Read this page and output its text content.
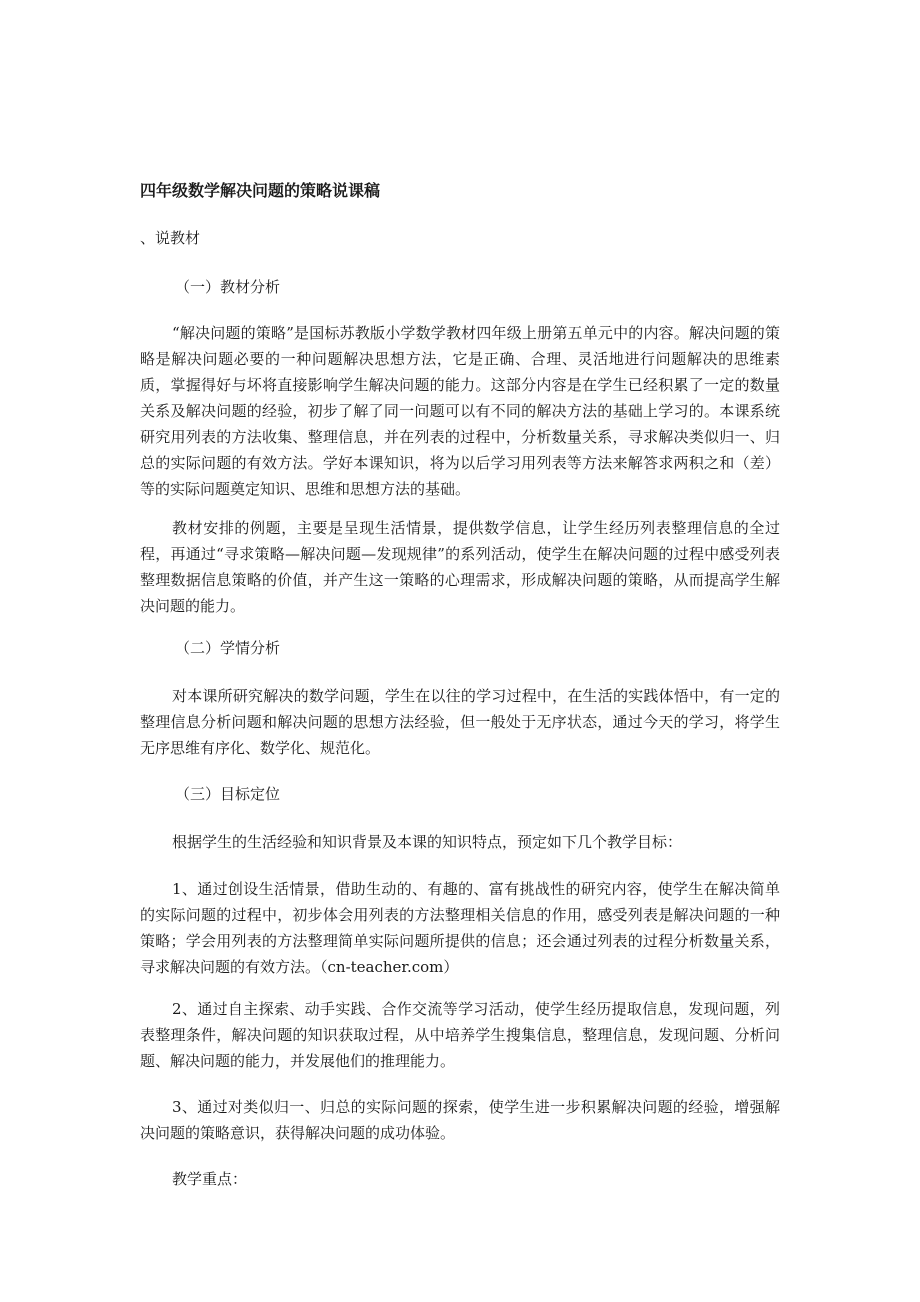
四年级数学解决问题的策略说课稿
、说教材
（一）教材分析
“解决问题的策略”是国标苏教版小学数学教材四年级上册第五单元中的内容。解决问题的策略是解决问题必要的一种问题解决思想方法，它是正确、合理、灵活地进行问题解决的思维素质，掌握得好与坏将直接影响学生解决问题的能力。这部分内容是在学生已经积累了一定的数量关系及解决问题的经验，初步了解了同一问题可以有不同的解决方法的基础上学习的。本课系统研究用列表的方法收集、整理信息，并在列表的过程中，分析数量关系，寻求解决类似归一、归总的实际问题的有效方法。学好本课知识，将为以后学习用列表等方法来解答求两积之和（差）等的实际问题奠定知识、思维和思想方法的基础。
教材安排的例题，主要是呈现生活情景，提供数学信息，让学生经历列表整理信息的全过程，再通过“寻求策略—解决问题—发现规律”的系列活动，使学生在解决问题的过程中感受列表整理数据信息策略的价值，并产生这一策略的心理需求，形成解决问题的策略，从而提高学生解决问题的能力。
（二）学情分析
对本课所研究解决的数学问题，学生在以往的学习过程中，在生活的实践体悟中，有一定的整理信息分析问题和解决问题的思想方法经验，但一般处于无序状态，通过今天的学习，将学生无序思维有序化、数学化、规范化。
（三）目标定位
根据学生的生活经验和知识背景及本课的知识特点，预定如下几个教学目标：
1、通过创设生活情景，借助生动的、有趣的、富有挑战性的研究内容，使学生在解决简单的实际问题的过程中，初步体会用列表的方法整理相关信息的作用，感受列表是解决问题的一种策略；学会用列表的方法整理简单实际问题所提供的信息；还会通过列表的过程分析数量关系，寻求解决问题的有效方法。（cn-teacher.com）
2、通过自主探索、动手实践、合作交流等学习活动，使学生经历提取信息，发现问题，列表整理条件，解决问题的知识获取过程，从中培养学生搜集信息，整理信息，发现问题、分析问题、解决问题的能力，并发展他们的推理能力。
3、通过对类似归一、归总的实际问题的探索，使学生进一步积累解决问题的经验，增强解决问题的策略意识，获得解决问题的成功体验。
教学重点：
